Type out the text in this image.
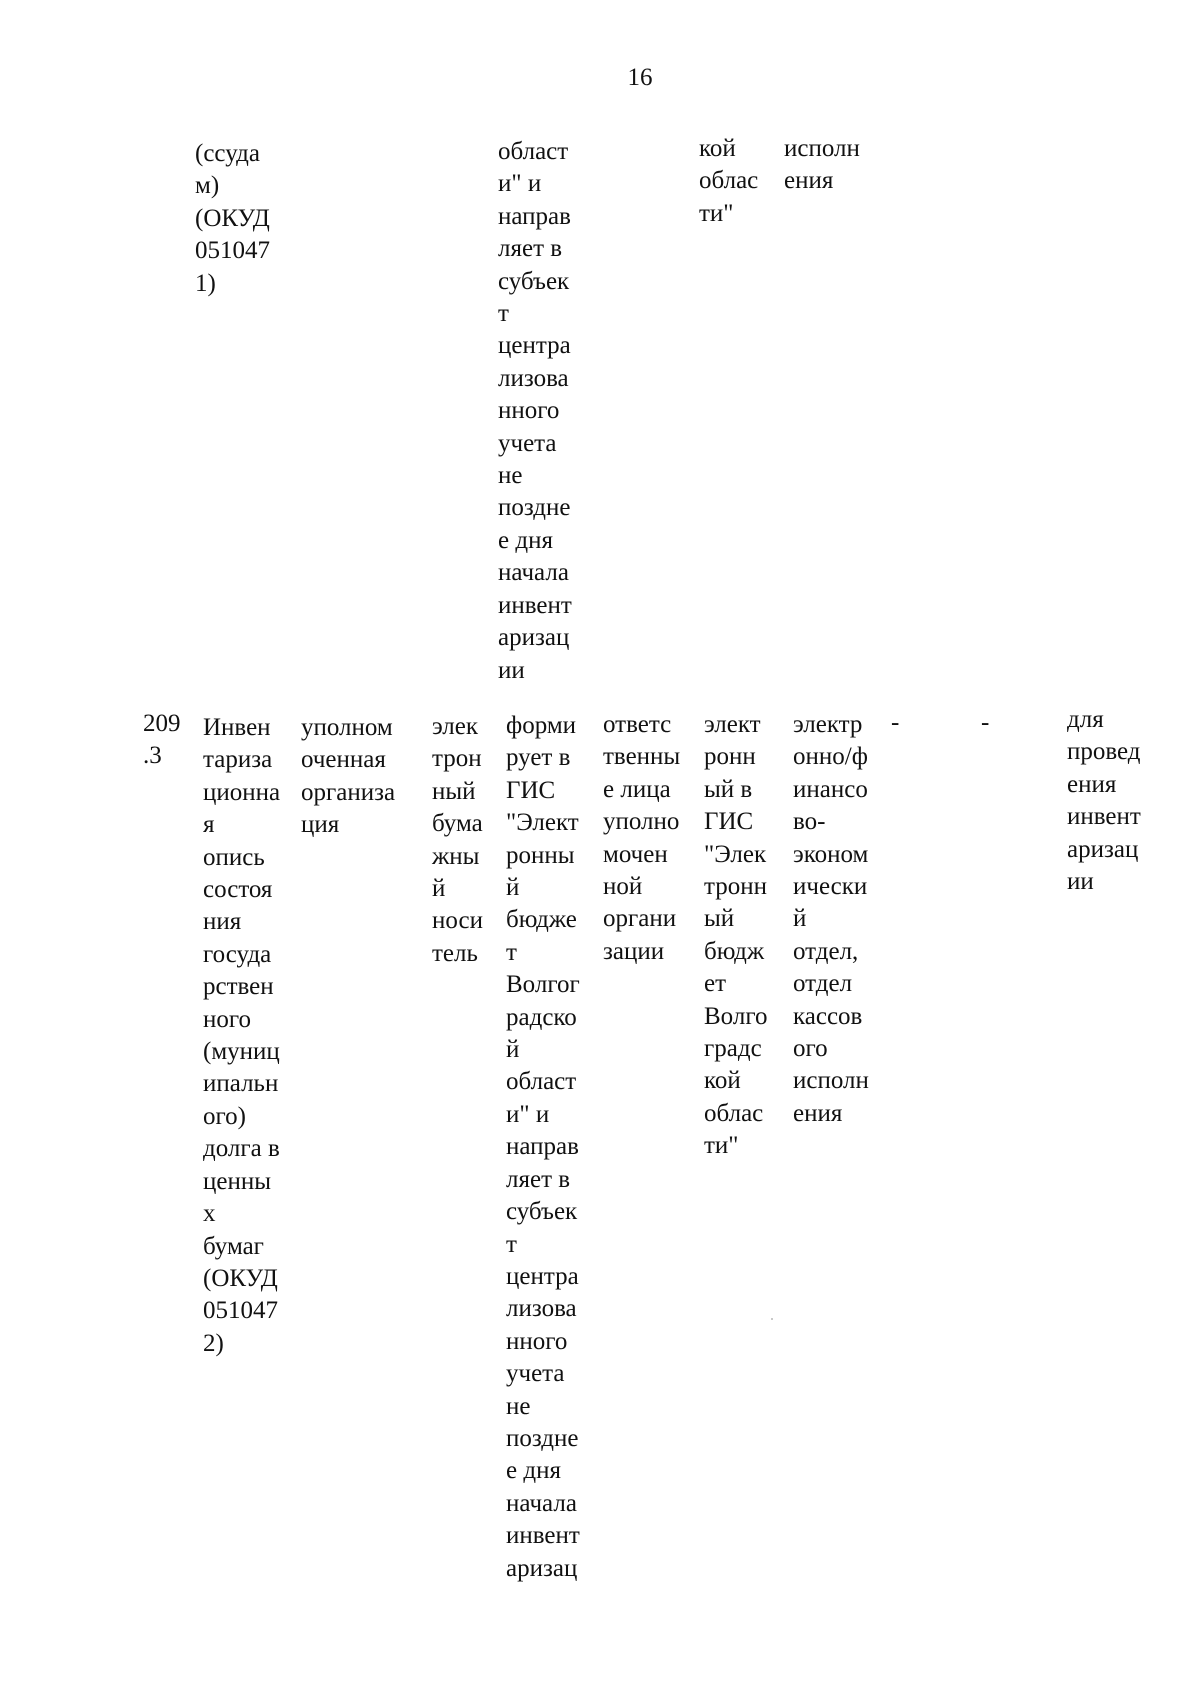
16
(ссуда
м)
(ОКУД
051047
1)
област
и" и
направ
ляет в
субъек
т
центра
лизова
нного
учета
не
поздне
е дня
начала
инвент
аризац
ии
кой
облас
ти"
исполн
ения
209
.3
Инвен
тариза
ционна
я
опись
состоя
ния
госуда
рствен
ного
(муниц
ипальн
ого)
долга в
ценны
х
бумаг
(ОКУД
051047
2)
уполном
оченная
организа
ция
элек
трон
ный
бума
жны
й
носи
тель
форми
рует в
ГИС
"Элект
ронны
й
бюдже
т
Волгог
радско
й
област
и" и
направ
ляет в
субъек
т
центра
лизова
нного
учета
не
поздне
е дня
начала
инвент
аризац
ответс
твенны
е лица
уполно
мочен
ной
органи
зации
элект
ронн
ый в
ГИС
"Элек
тронн
ый
бюдж
ет
Волго
градс
кой
облас
ти"
электр
онно/ф
инансо
во-
эконом
ически
й
отдел,
отдел
кассов
ого
исполн
ения
-	-	для
провед
ения
инвент
аризац
ии
